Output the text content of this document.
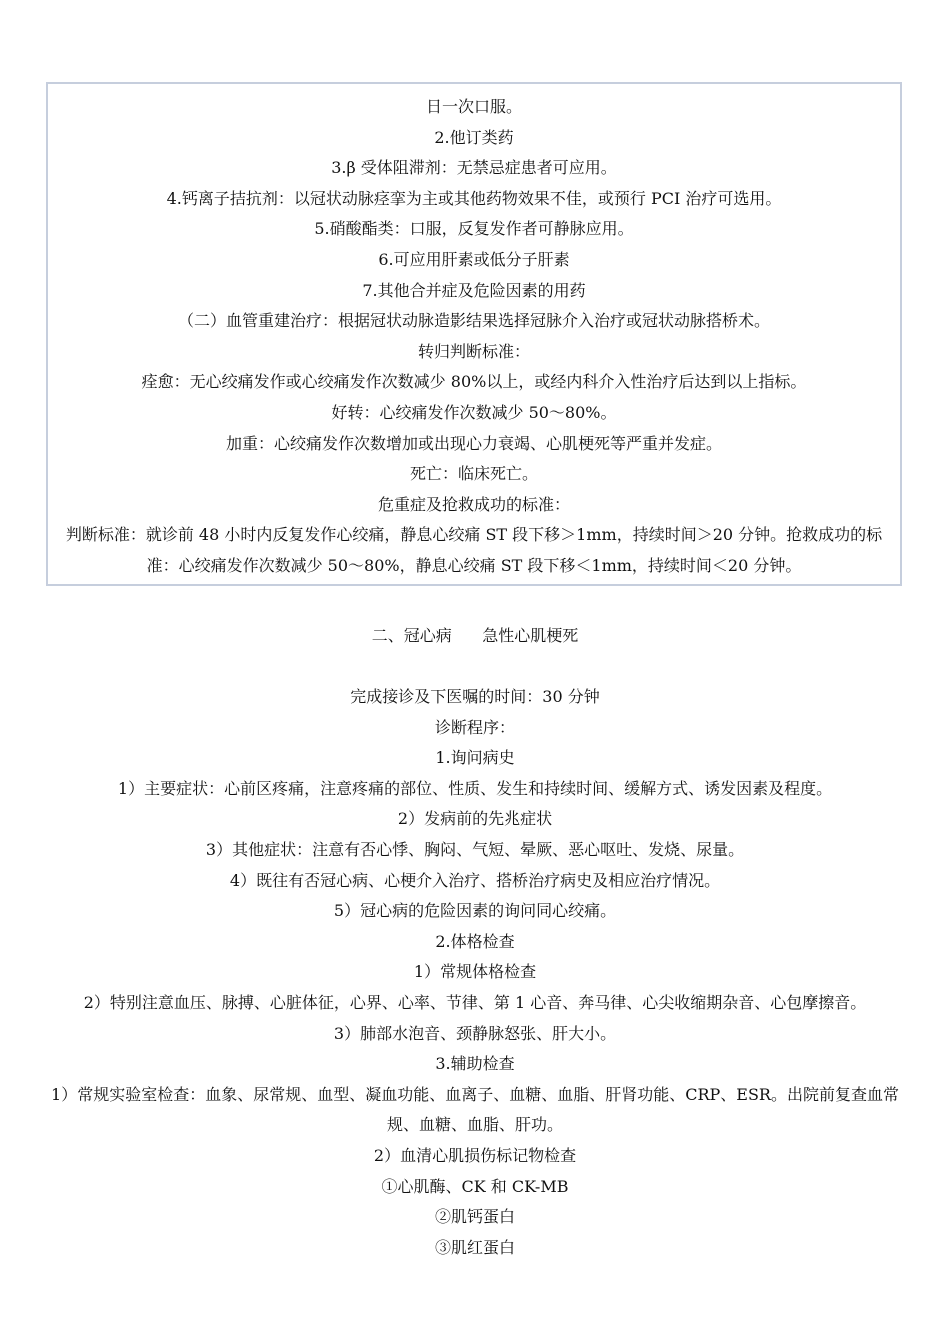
日一次口服。
2.他订类药
3.β 受体阻滞剂：无禁忌症患者可应用。
4.钙离子拮抗剂：以冠状动脉痉挛为主或其他药物效果不佳，或预行 PCI 治疗可选用。
5.硝酸酯类：口服，反复发作者可静脉应用。
6.可应用肝素或低分子肝素
7.其他合并症及危险因素的用药
（二）血管重建治疗：根据冠状动脉造影结果选择冠脉介入治疗或冠状动脉搭桥术。
转归判断标准：
痊愈：无心绞痛发作或心绞痛发作次数减少 80%以上，或经内科介入性治疗后达到以上指标。
好转：心绞痛发作次数减少 50～80%。
加重：心绞痛发作次数增加或出现心力衰竭、心肌梗死等严重并发症。
死亡：临床死亡。
危重症及抢救成功的标准：
判断标准：就诊前 48 小时内反复发作心绞痛，静息心绞痛 ST 段下移＞1mm，持续时间＞20 分钟。抢救成功的标准：心绞痛发作次数减少 50～80%，静息心绞痛 ST 段下移＜1mm，持续时间＜20 分钟。
二、冠心病      急性心肌梗死
完成接诊及下医嘱的时间：30 分钟
诊断程序：
1.询问病史
1）主要症状：心前区疼痛，注意疼痛的部位、性质、发生和持续时间、缓解方式、诱发因素及程度。
2）发病前的先兆症状
3）其他症状：注意有否心悸、胸闷、气短、晕厥、恶心呕吐、发烧、尿量。
4）既往有否冠心病、心梗介入治疗、搭桥治疗病史及相应治疗情况。
5）冠心病的危险因素的询问同心绞痛。
2.体格检查
1）常规体格检查
2）特别注意血压、脉搏、心脏体征，心界、心率、节律、第 1 心音、奔马律、心尖收缩期杂音、心包摩擦音。
3）肺部水泡音、颈静脉怒张、肝大小。
3.辅助检查
1）常规实验室检查：血象、尿常规、血型、凝血功能、血离子、血糖、血脂、肝肾功能、CRP、ESR。出院前复查血常规、血糖、血脂、肝功。
2）血清心肌损伤标记物检查
①心肌酶、CK 和 CK-MB
②肌钙蛋白
③肌红蛋白
